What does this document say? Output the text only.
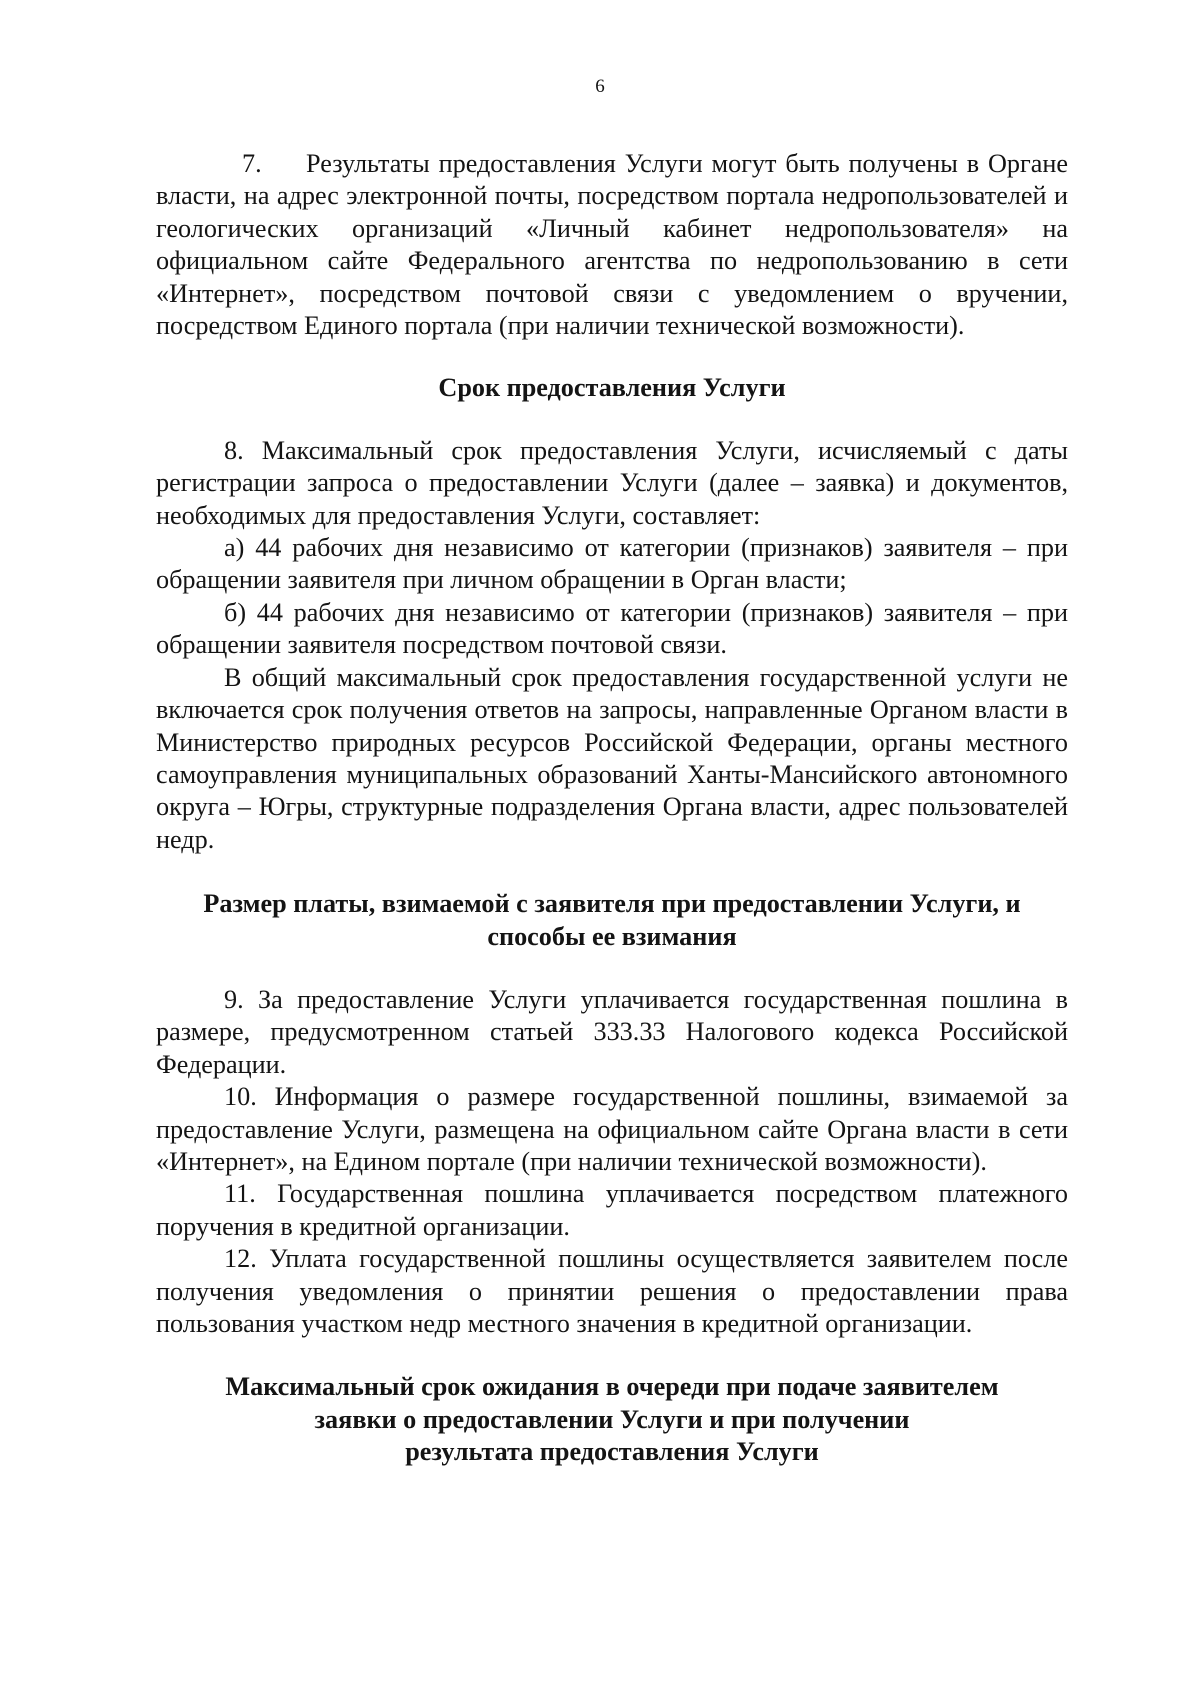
6

7.     Результаты предоставления Услуги могут быть получены в Органе власти, на адрес электронной почты, посредством портала недропользователей и геологических организаций «Личный кабинет недропользователя» на официальном сайте Федерального агентства по недропользованию в сети «Интернет», посредством почтовой связи с уведомлением о вручении, посредством Единого портала (при наличии технической возможности).

Срок предоставления Услуги

8. Максимальный срок предоставления Услуги, исчисляемый с даты регистрации запроса о предоставлении Услуги (далее – заявка) и документов, необходимых для предоставления Услуги, составляет:

а) 44 рабочих дня независимо от категории (признаков) заявителя – при обращении заявителя при личном обращении в Орган власти;

б) 44 рабочих дня независимо от категории (признаков) заявителя – при обращении заявителя посредством почтовой связи.

В общий максимальный срок предоставления государственной услуги не включается срок получения ответов на запросы, направленные Органом власти в Министерство природных ресурсов Российской Федерации, органы местного самоуправления муниципальных образований Ханты-Мансийского автономного округа – Югры, структурные подразделения Органа власти, адрес пользователей недр.

Размер платы, взимаемой с заявителя при предоставлении Услуги, и
способы ее взимания

9. За предоставление Услуги уплачивается государственная пошлина в размере, предусмотренном статьей 333.33 Налогового кодекса Российской Федерации.

10. Информация о размере государственной пошлины, взимаемой за предоставление Услуги, размещена на официальном сайте Органа власти в сети «Интернет», на Едином портале (при наличии технической возможности).

11. Государственная пошлина уплачивается посредством платежного поручения в кредитной организации.

12. Уплата государственной пошлины осуществляется заявителем после получения уведомления о принятии решения о предоставлении права пользования участком недр местного значения в кредитной организации.

Максимальный срок ожидания в очереди при подаче заявителем
заявки о предоставлении Услуги и при получении
результата предоставления Услуги
